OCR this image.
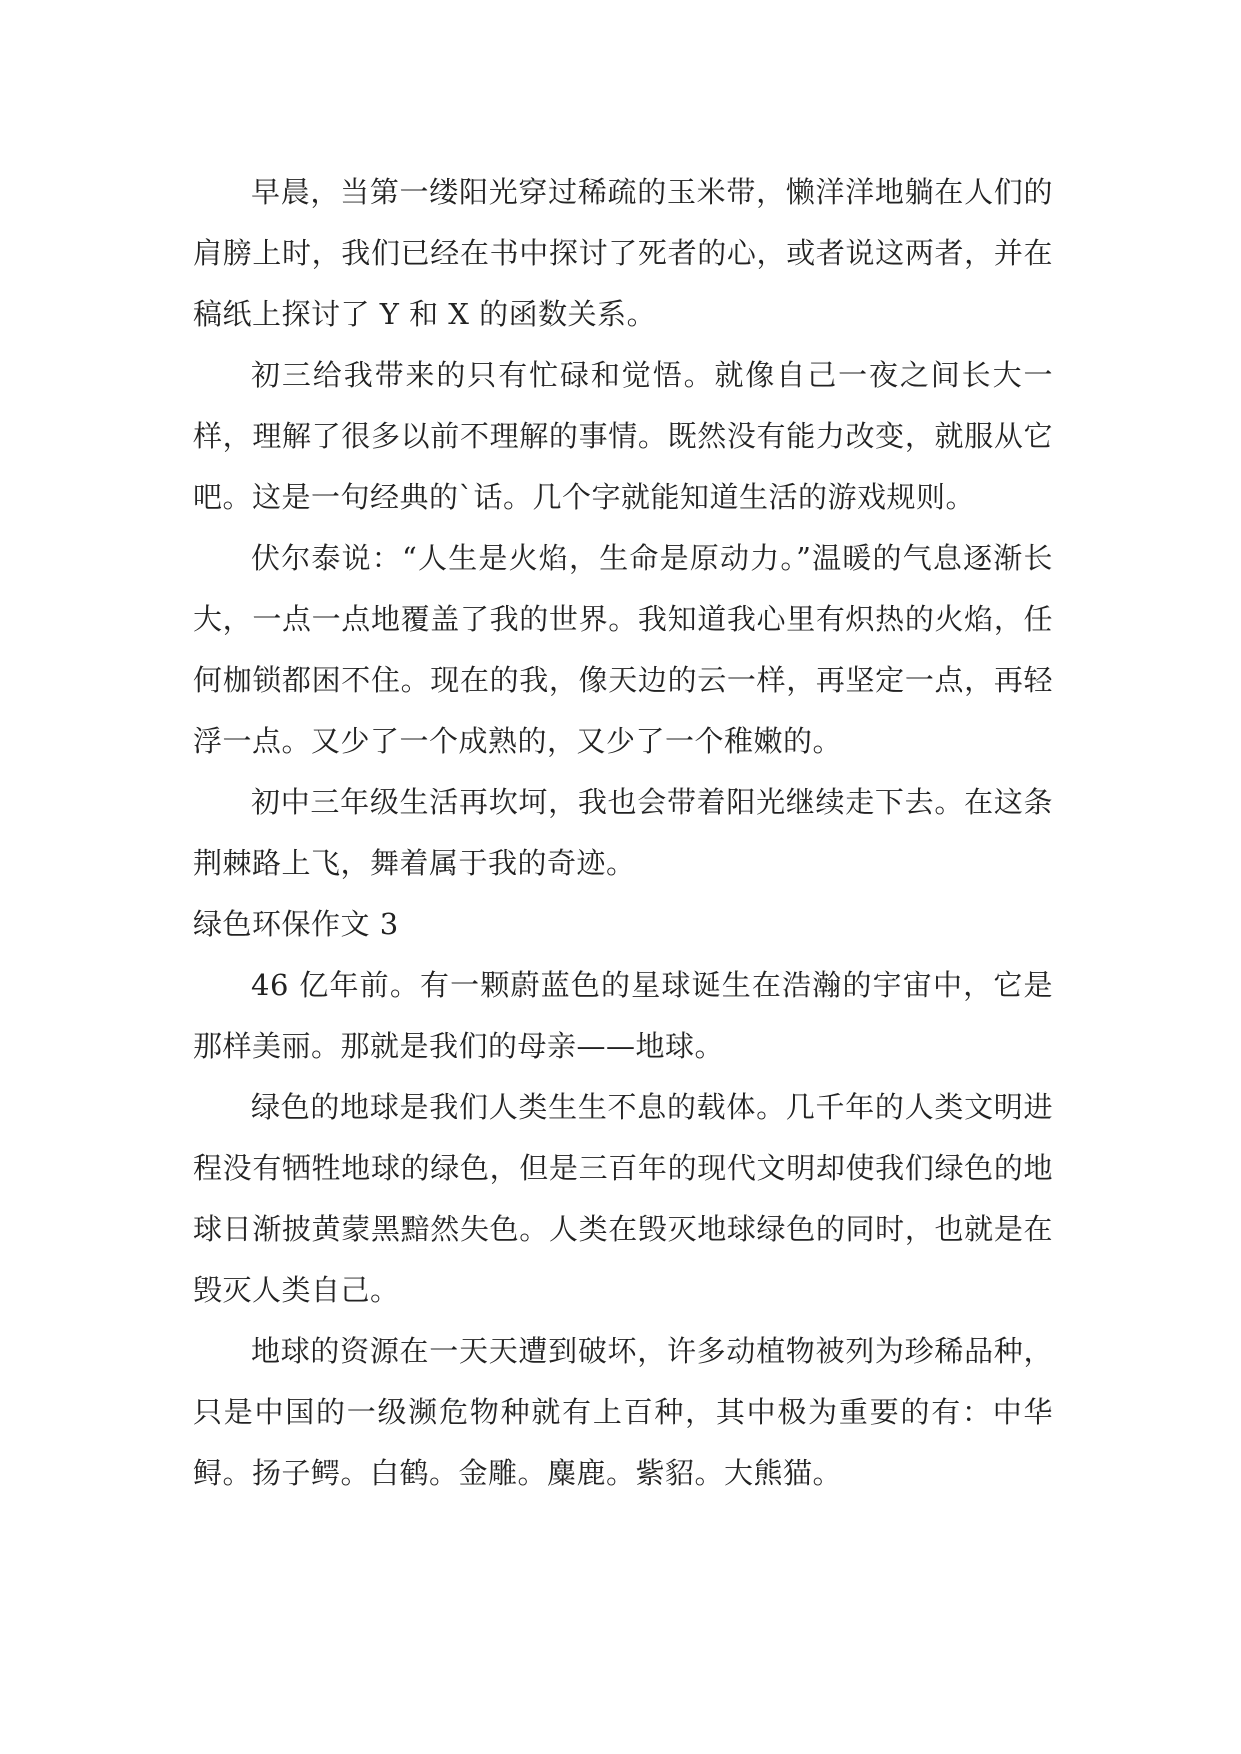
早晨，当第一缕阳光穿过稀疏的玉米带，懒洋洋地躺在人们的肩膀上时，我们已经在书中探讨了死者的心，或者说这两者，并在稿纸上探讨了 Y 和 X 的函数关系。

初三给我带来的只有忙碌和觉悟。就像自己一夜之间长大一样，理解了很多以前不理解的事情。既然没有能力改变，就服从它吧。这是一句经典的`话。几个字就能知道生活的游戏规则。

伏尔泰说：“人生是火焰，生命是原动力。”温暖的气息逐渐长大，一点一点地覆盖了我的世界。我知道我心里有炽热的火焰，任何枷锁都困不住。现在的我，像天边的云一样，再坚定一点，再轻浮一点。又少了一个成熟的，又少了一个稚嫩的。

初中三年级生活再坎坷，我也会带着阳光继续走下去。在这条荆棘路上飞，舞着属于我的奇迹。

绿色环保作文 3

46 亿年前。有一颗蔚蓝色的星球诞生在浩瀚的宇宙中，它是那样美丽。那就是我们的母亲——地球。

绿色的地球是我们人类生生不息的载体。几千年的人类文明进程没有牺牲地球的绿色，但是三百年的现代文明却使我们绿色的地球日渐披黄蒙黑黯然失色。人类在毁灭地球绿色的同时，也就是在毁灭人类自己。

地球的资源在一天天遭到破坏，许多动植物被列为珍稀品种，只是中国的一级濒危物种就有上百种，其中极为重要的有：中华鲟。扬子鳄。白鹤。金雕。麋鹿。紫貂。大熊猫。
